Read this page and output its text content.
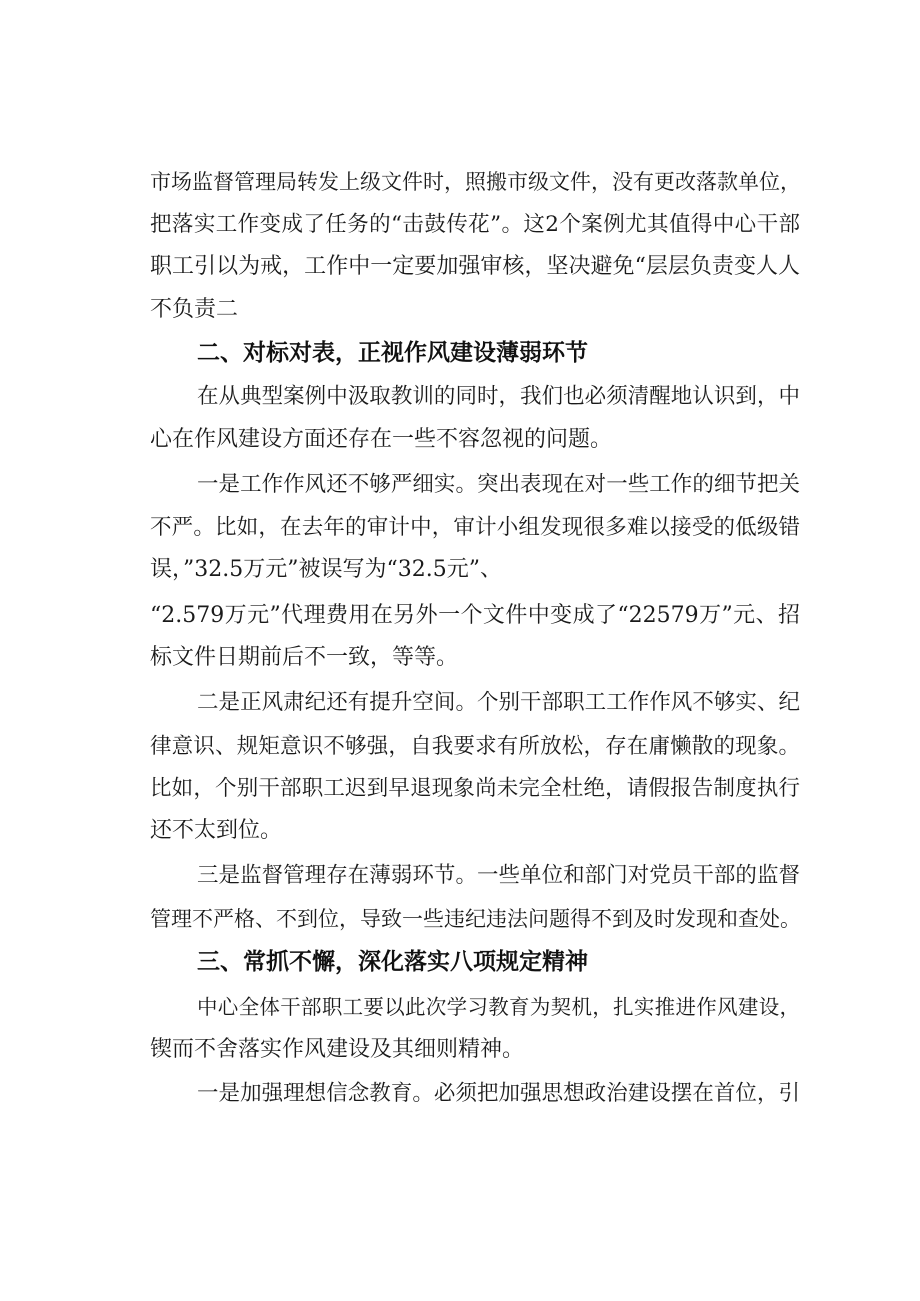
市场监督管理局转发上级文件时，照搬市级文件，没有更改落款单位，
把落实工作变成了任务的“击鼓传花”。这2个案例尤其值得中心干部
职工引以为戒，工作中一定要加强审核，坚决避免“层层负责变人人
不负责二
二、对标对表，正视作风建设薄弱环节
在从典型案例中汲取教训的同时，我们也必须清醒地认识到，中
心在作风建设方面还存在一些不容忽视的问题。
一是工作作风还不够严细实。突出表现在对一些工作的细节把关
不严。比如，在去年的审计中，审计小组发现很多难以接受的低级错
误，”32.5万元”被误写为“32.5元”、
“2.579万元”代理费用在另外一个文件中变成了“22579万”元、招
标文件日期前后不一致，等等。
二是正风肃纪还有提升空间。个别干部职工工作作风不够实、纪
律意识、规矩意识不够强，自我要求有所放松，存在庸懒散的现象。
比如，个别干部职工迟到早退现象尚未完全杜绝，请假报告制度执行
还不太到位。
三是监督管理存在薄弱环节。一些单位和部门对党员干部的监督
管理不严格、不到位，导致一些违纪违法问题得不到及时发现和查处。
三、常抓不懈，深化落实八项规定精神
中心全体干部职工要以此次学习教育为契机，扎实推进作风建设，
锲而不舍落实作风建设及其细则精神。
一是加强理想信念教育。必须把加强思想政治建设摆在首位，引
